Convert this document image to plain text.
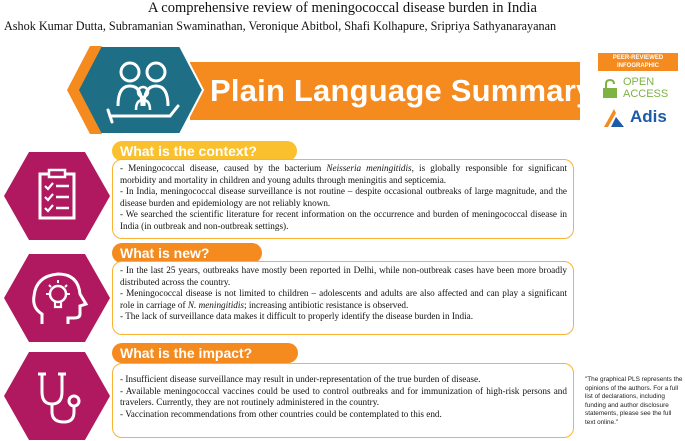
A comprehensive review of meningococcal disease burden in India
Ashok Kumar Dutta, Subramanian Swaminathan, Veronique Abitbol, Shafi Kolhapure, Sripriya Sathyanarayanan
Plain Language Summary
PEER-REVIEWED INFOGRAPHIC
OPEN
ACCESS
Adis
What is the context?

- Meningococcal disease, caused by the bacterium Neisseria meningitidis, is globally responsible for significant morbidity and mortality in children and young adults through meningitis and septicemia.

- In India, meningococcal disease surveillance is not routine – despite occasional outbreaks of large magnitude, and the disease burden and epidemiology are not reliably known.

- We searched the scientific literature for recent information on the occurrence and burden of meningococcal disease in India (in outbreak and non-outbreak settings).

What is new?

- In the last 25 years, outbreaks have mostly been reported in Delhi, while non-outbreak cases have been more broadly distributed across the country.

- Meningococcal disease is not limited to children – adolescents and adults are also affected and can play a significant role in carriage of N. meningitidis; increasing antibiotic resistance is observed.

- The lack of surveillance data makes it difficult to properly identify the disease burden in India.

What is the impact?

- Insufficient disease surveillance may result in under-representation of the true burden of disease.

- Available meningococcal vaccines could be used to control outbreaks and for immunization of high-risk persons and travelers. Currently, they are not routinely administered in the country.

- Vaccination recommendations from other countries could be contemplated to this end.

"The graphical PLS represents the opinions of the authors. For a full list of declarations, including funding and author disclosure statements, please see the full text online."
